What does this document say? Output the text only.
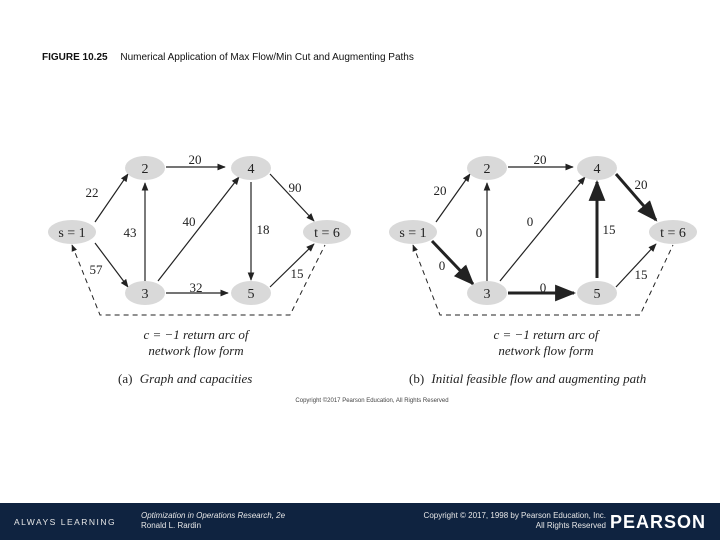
FIGURE 10.25 Numerical Application of Max Flow/Min Cut and Augmenting Paths
s = 1
2
3
4
5
t = 6
22
57
20
43
40
32
18
90
15
c = −1 return arc of
network flow form
(a) Graph and capacities
s = 1
2
3
4
5
t = 6
20
0
20
0
0
0
15
20
15
c = −1 return arc of
network flow form
(b) Initial feasible flow and augmenting path
Copyright ©2017 Pearson Education, All Rights Reserved
ALWAYS LEARNING
Optimization in Operations Research, 2e
Ronald L. Rardin
Copyright © 2017, 1998 by Pearson Education, Inc.
All Rights Reserved PEARSON
